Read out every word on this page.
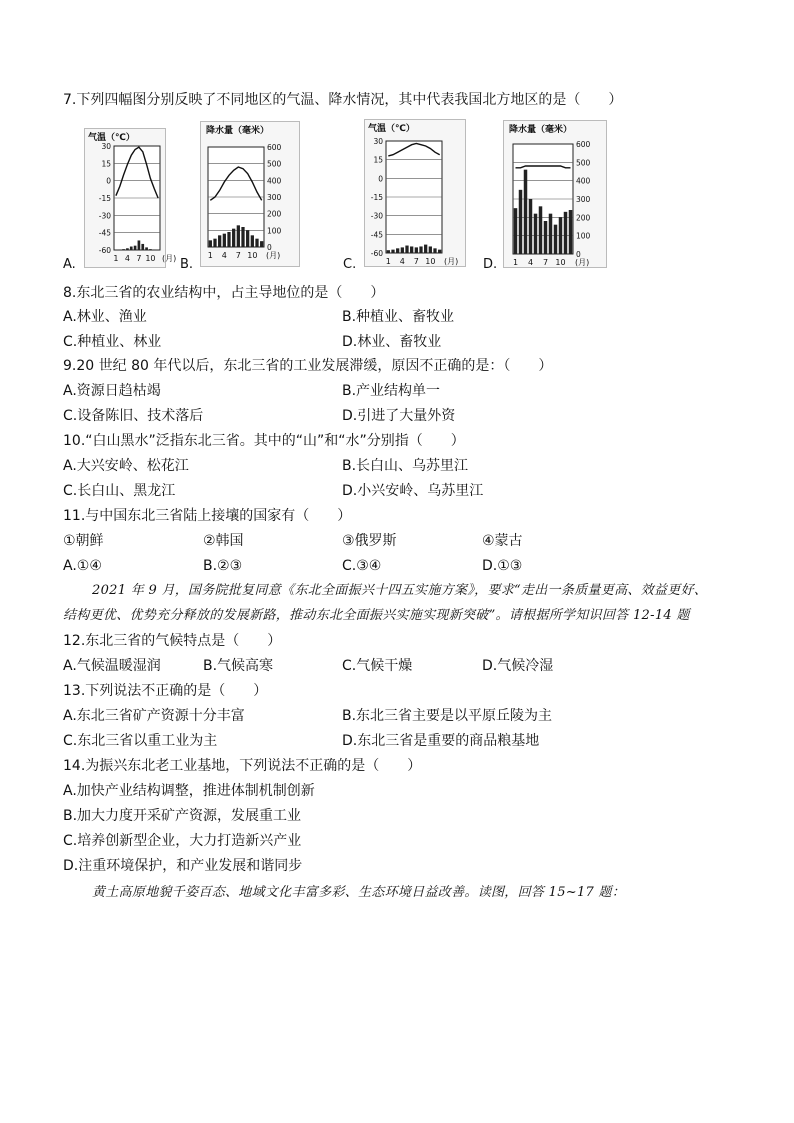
7.下列四幅图分别反映了不同地区的气温、降水情况，其中代表我国北方地区的是（　　）
A.
气温（℃）
30
15
0
-15
-30
-45
-60
1 4 7 10 (月) B.
降水量（毫米）
600
500
400
300
200
100
0
1 4 7 10 (月)
C.
气温（℃）
30
15
0
-15
-30
-45
-60
1 4 7 10 (月) D.
降水量（毫米）
600
500
400
300
200
100
0
1 4 7 10 (月)
8.东北三省的农业结构中，占主导地位的是（　　）
A.林业、渔业	B.种植业、畜牧业
C.种植业、林业	D.林业、畜牧业
9.20 世纪 80 年代以后，东北三省的工业发展滞缓，原因不正确的是：（　　）
A.资源日趋枯竭	B.产业结构单一
C.设备陈旧、技术落后	D.引进了大量外资
10.“白山黑水”泛指东北三省。其中的“山”和“水”分别指（　　）
A.大兴安岭、松花江	B.长白山、乌苏里江
C.长白山、黑龙江	D.小兴安岭、乌苏里江
11.与中国东北三省陆上接壤的国家有（　　）
①朝鲜	②韩国	③俄罗斯	④蒙古
A.①④	B.②③	C.③④	D.①③
2021 年 9 月，国务院批复同意《东北全面振兴十四五实施方案》，要求“走出一条质量更高、效益更好、
结构更优、优势充分释放的发展新路，推动东北全面振兴实施实现新突破”。请根据所学知识回答 12-14 题
12.东北三省的气候特点是（　　）
A.气候温暖湿润	B.气候高寒	C.气候干燥	D.气候冷湿
13.下列说法不正确的是（　　）
A.东北三省矿产资源十分丰富	B.东北三省主要是以平原丘陵为主
C.东北三省以重工业为主	D.东北三省是重要的商品粮基地
14.为振兴东北老工业基地，下列说法不正确的是（　　）
A.加快产业结构调整，推进体制机制创新
B.加大力度开采矿产资源，发展重工业
C.培养创新型企业，大力打造新兴产业
D.注重环境保护，和产业发展和谐同步
黄土高原地貌千姿百态、地域文化丰富多彩、生态环境日益改善。读图，回答 15~17 题：
